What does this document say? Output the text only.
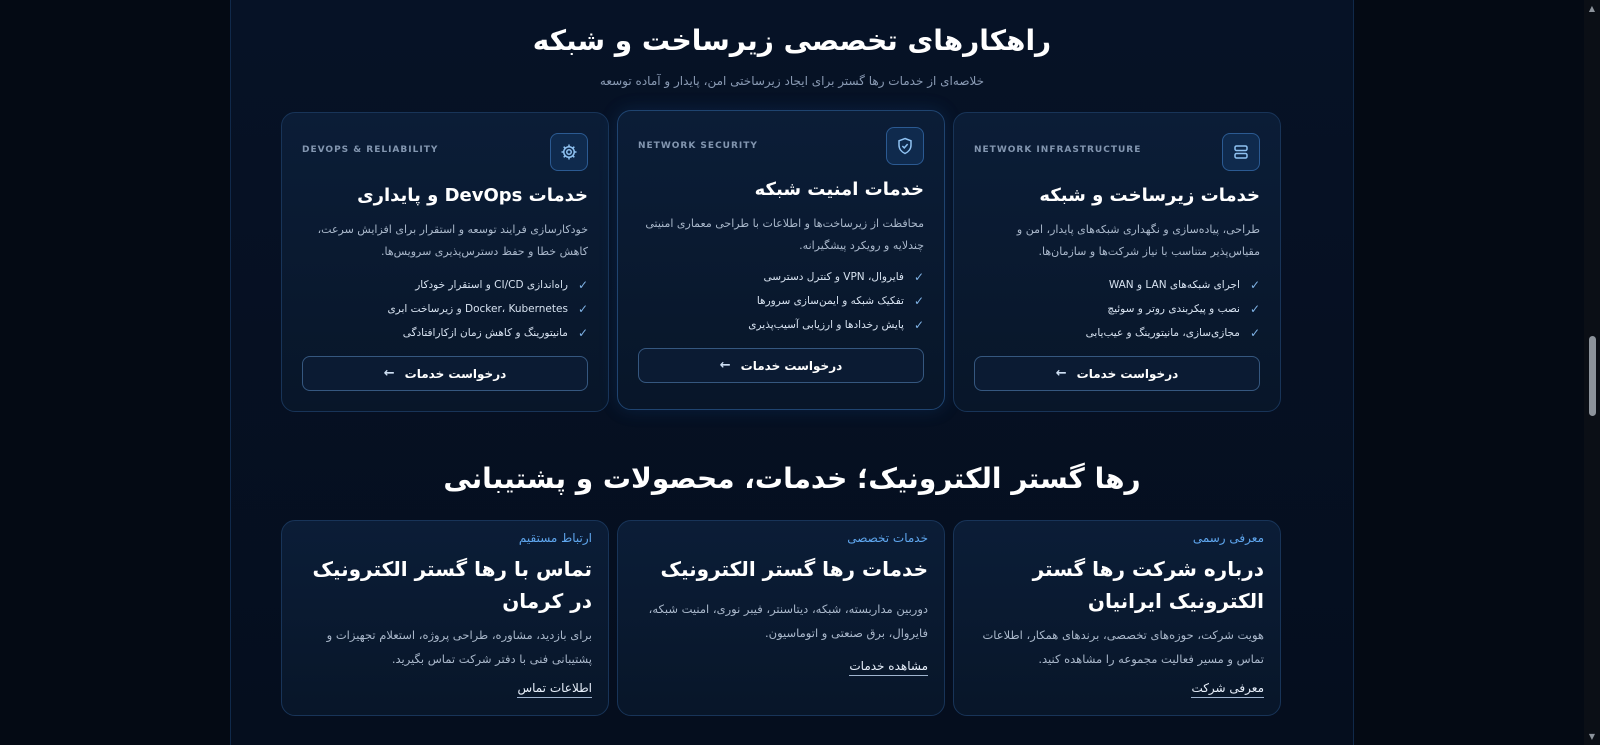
راهکارهای تخصصی زیرساخت و شبکه
خلاصه‌ای از خدمات رها گستر برای ایجاد زیرساختی امن، پایدار و آماده توسعه
DEVOPS & RELIABILITY
خدمات DevOps و پایداری
خودکارسازی فرایند توسعه و استقرار برای افزایش سرعت، کاهش خطا و حفظ دسترس‌پذیری سرویس‌ها.
✓
راه‌اندازی CI/CD و استقرار خودکار
✓
Docker، Kubernetes و زیرساخت ابری
✓
مانیتورینگ و کاهش زمان ازکارافتادگی
درخواست خدمات
←
NETWORK SECURITY
خدمات امنیت شبکه
محافظت از زیرساخت‌ها و اطلاعات با طراحی معماری امنیتی چندلایه و رویکرد پیشگیرانه.
✓
فایروال، VPN و کنترل دسترسی
✓
تفکیک شبکه و ایمن‌سازی سرورها
✓
پایش رخدادها و ارزیابی آسیب‌پذیری
درخواست خدمات
←
NETWORK INFRASTRUCTURE
خدمات زیرساخت و شبکه
طراحی، پیاده‌سازی و نگهداری شبکه‌های پایدار، امن و مقیاس‌پذیر متناسب با نیاز شرکت‌ها و سازمان‌ها.
✓
اجرای شبکه‌های LAN و WAN
✓
نصب و پیکربندی روتر و سوئیچ
✓
مجازی‌سازی، مانیتورینگ و عیب‌یابی
درخواست خدمات
←
رها گستر الکترونیک؛ خدمات، محصولات و پشتیبانی
ارتباط مستقیم
تماس با رها گستر الکترونیک در کرمان
برای بازدید، مشاوره، طراحی پروژه، استعلام تجهیزات و پشتیبانی فنی با دفتر شرکت تماس بگیرید.
اطلاعات تماس
خدمات تخصصی
خدمات رها گستر الکترونیک
دوربین مداربسته، شبکه، دیتاسنتر، فیبر نوری، امنیت شبکه، فایروال، برق صنعتی و اتوماسیون.
مشاهده خدمات
معرفی رسمی
درباره شرکت رها گستر الکترونیک ایرانیان
هویت شرکت، حوزه‌های تخصصی، برندهای همکار، اطلاعات تماس و مسیر فعالیت مجموعه را مشاهده کنید.
معرفی شرکت
▲
▼
